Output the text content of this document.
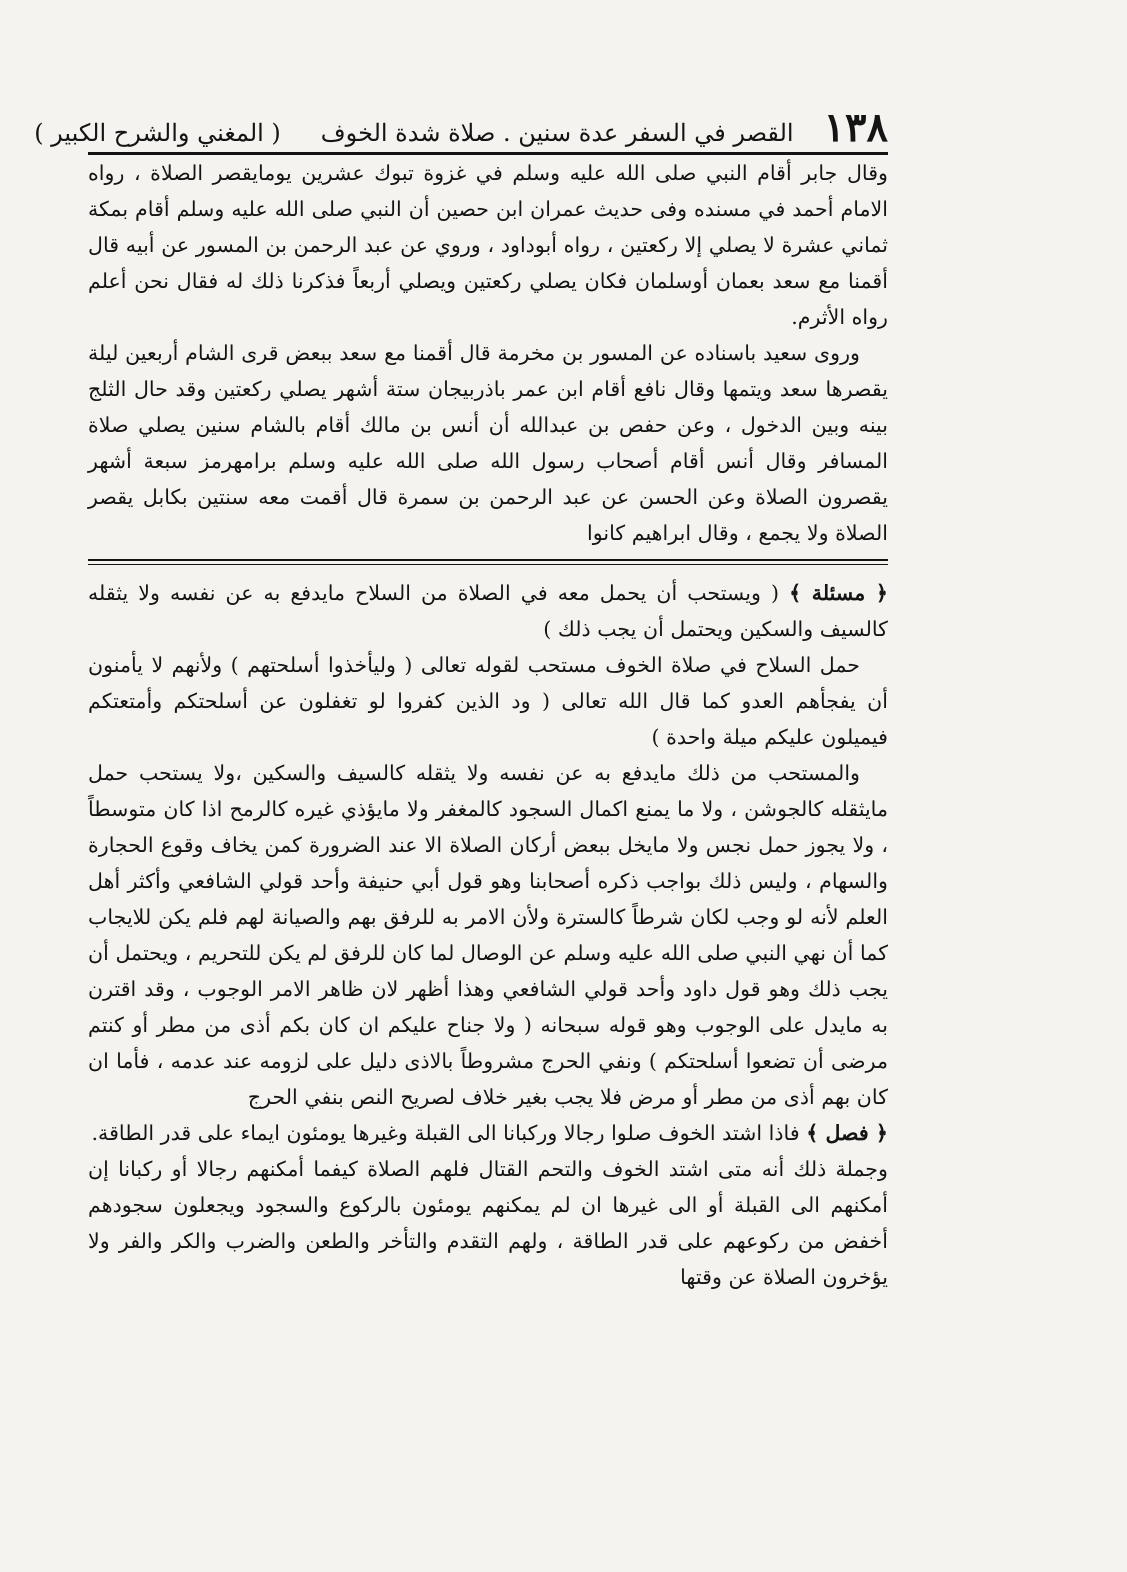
١٣٨
القصر في السفر عدة سنين . صلاة شدة الخوف
( المغني والشرح الكبير )

وقال جابر أقام النبي صلى الله عليه وسلم في غزوة تبوك عشرين يومايقصر الصلاة ، رواه الامام أحمد في مسنده وفى حديث عمران ابن حصين أن النبي صلى الله عليه وسلم أقام بمكة ثماني عشرة لا يصلي إلا ركعتين ، رواه أبوداود ، وروي عن عبد الرحمن بن المسور عن أبيه قال أقمنا مع سعد بعمان أوسلمان فكان يصلي ركعتين ويصلي أربعاً فذكرنا ذلك له فقال نحن أعلم رواه الأثرم.

وروى سعيد باسناده عن المسور بن مخرمة قال أقمنا مع سعد ببعض قرى الشام أربعين ليلة يقصرها سعد ويتمها وقال نافع أقام ابن عمر باذربيجان ستة أشهر يصلي ركعتين وقد حال الثلج بينه وبين الدخول ، وعن حفص بن عبدالله أن أنس بن مالك أقام بالشام سنين يصلي صلاة المسافر وقال أنس أقام أصحاب رسول الله صلى الله عليه وسلم برامهرمز سبعة أشهر يقصرون الصلاة وعن الحسن عن عبد الرحمن بن سمرة قال أقمت معه سنتين بكابل يقصر الصلاة ولا يجمع ، وقال ابراهيم كانوا

﴿ مسئلة ﴾ ( ويستحب أن يحمل معه في الصلاة من السلاح مايدفع به عن نفسه ولا يثقله كالسيف والسكين ويحتمل أن يجب ذلك )

حمل السلاح في صلاة الخوف مستحب لقوله تعالى ( وليأخذوا أسلحتهم ) ولأنهم لا يأمنون أن يفجأهم العدو كما قال الله تعالى ( ود الذين كفروا لو تغفلون عن أسلحتكم وأمتعتكم فيميلون عليكم ميلة واحدة )

والمستحب من ذلك مايدفع به عن نفسه ولا يثقله كالسيف والسكين ،ولا يستحب حمل مايثقله كالجوشن ، ولا ما يمنع اكمال السجود كالمغفر ولا مايؤذي غيره كالرمح اذا كان متوسطاً ، ولا يجوز حمل نجس ولا مايخل ببعض أركان الصلاة الا عند الضرورة كمن يخاف وقوع الحجارة والسهام ، وليس ذلك بواجب ذكره أصحابنا وهو قول أبي حنيفة وأحد قولي الشافعي وأكثر أهل العلم لأنه لو وجب لكان شرطاً كالسترة ولأن الامر به للرفق بهم والصيانة لهم فلم يكن للايجاب كما أن نهي النبي صلى الله عليه وسلم عن الوصال لما كان للرفق لم يكن للتحريم ، ويحتمل أن يجب ذلك وهو قول داود وأحد قولي الشافعي وهذا أظهر لان ظاهر الامر الوجوب ، وقد اقترن به مايدل على الوجوب وهو قوله سبحانه ( ولا جناح عليكم ان كان بكم أذى من مطر أو كنتم مرضى أن تضعوا أسلحتكم ) ونفي الحرج مشروطاً بالاذى دليل على لزومه عند عدمه ، فأما ان كان بهم أذى من مطر أو مرض فلا يجب بغير خلاف لصريح النص بنفي الحرج

﴿ فصل ﴾ فاذا اشتد الخوف صلوا رجالا وركبانا الى القبلة وغيرها يومئون ايماء على قدر الطاقة.

وجملة ذلك أنه متى اشتد الخوف والتحم القتال فلهم الصلاة كيفما أمكنهم رجالا أو ركبانا إن أمكنهم الى القبلة أو الى غيرها ان لم يمكنهم يومئون بالركوع والسجود ويجعلون سجودهم أخفض من ركوعهم على قدر الطاقة ، ولهم التقدم والتأخر والطعن والضرب والكر والفر ولا يؤخرون الصلاة عن وقتها
